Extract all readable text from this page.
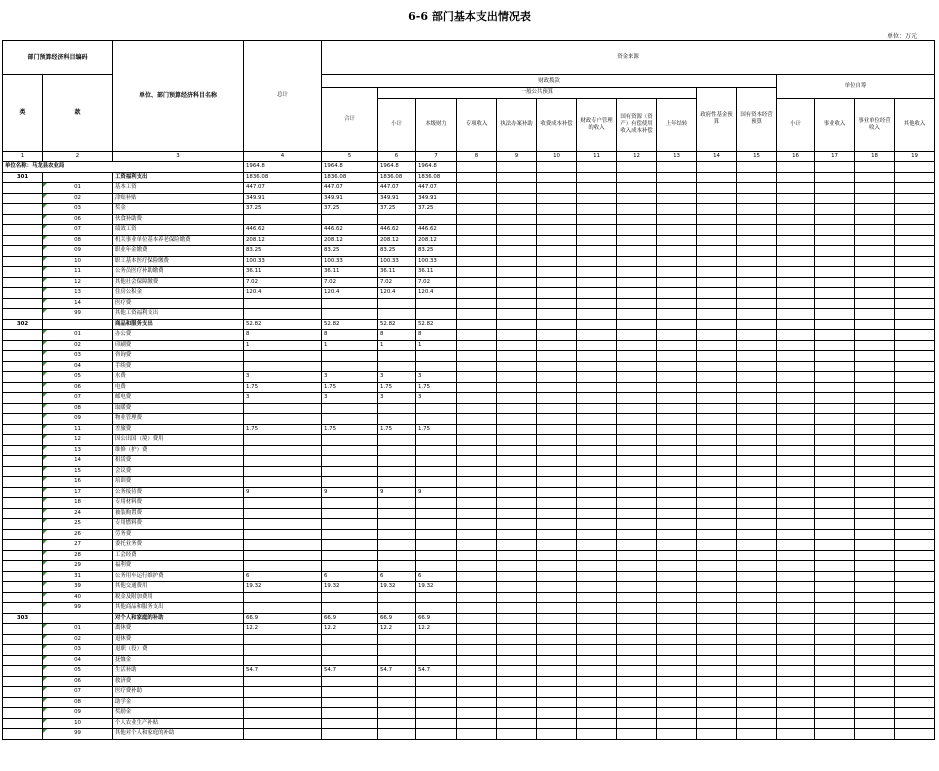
6-6 部门基本支出情况表
单位：万元
部门预算经济科目编码		单位、部门预算经济科目名称	总计	资金来源														
类	款			财政拨款											单位自筹			
				合计	一般公共预算								政府性基金预算	国有资本经营预算				
					小计	本级财力	专项收入	执法办案补助	收费成本补偿	财政专户管理的收入	国有资源（资产）有偿使用收入成本补偿	上年结转			小计	事业收入	事业单位经营收入	其他收入
1	2	3	4	5	6	7	8	9	10	11	12	13	14	15	16	17	18	19
单位名称：马龙县农业局			1964.8	1964.8	1964.8	1964.8												
301		工资福利支出	1836.08	1836.08	1836.08	1836.08												
	01	基本工资	447.07	447.07	447.07	447.07												
	02	津贴补贴	349.91	349.91	349.91	349.91												
	03	奖金	37.25	37.25	37.25	37.25												
	06	伙食补助费																
	07	绩效工资	446.62	446.62	446.62	446.62												
	08	机关事业单位基本养老保险缴费	208.12	208.12	208.12	208.12												
	09	职业年金缴费	83.25	83.25	83.25	83.25												
	10	职工基本医疗保险缴费	100.33	100.33	100.33	100.33												
	11	公务员医疗补助缴费	36.11	36.11	36.11	36.11												
	12	其他社会保障缴费	7.02	7.02	7.02	7.02												
	13	住房公积金	120.4	120.4	120.4	120.4												
	14	医疗费																
	99	其他工资福利支出																
302		商品和服务支出	52.82	52.82	52.82	52.82												
	01	办公费	8	8	8	8												
	02	印刷费	1	1	1	1												
	03	咨询费																
	04	手续费																
	05	水费	3	3	3	3												
	06	电费	1.75	1.75	1.75	1.75												
	07	邮电费	3	3	3	3												
	08	取暖费																
	09	物业管理费																
	11	差旅费	1.75	1.75	1.75	1.75												
	12	因公出国（境）费用																
	13	维修（护）费																
	14	租赁费																
	15	会议费																
	16	培训费																
	17	公务接待费	9	9	9	9												
	18	专用材料费																
	24	被装购置费																
	25	专用燃料费																
	26	劳务费																
	27	委托业务费																
	28	工会经费																
	29	福利费																
	31	公务用车运行维护费	6	6	6	6												
	39	其他交通费用	19.32	19.32	19.32	19.32												
	40	税金及附加费用																
	99	其他商品和服务支出																
303		对个人和家庭的补助	66.9	66.9	66.9	66.9												
	01	离休费	12.2	12.2	12.2	12.2												
	02	退休费																
	03	退职（役）费																
	04	抚恤金																
	05	生活补助	54.7	54.7	54.7	54.7												
	06	救济费																
	07	医疗费补助																
	08	助学金																
	09	奖励金																
	10	个人农业生产补贴																
	99	其他对个人和家庭的补助																
